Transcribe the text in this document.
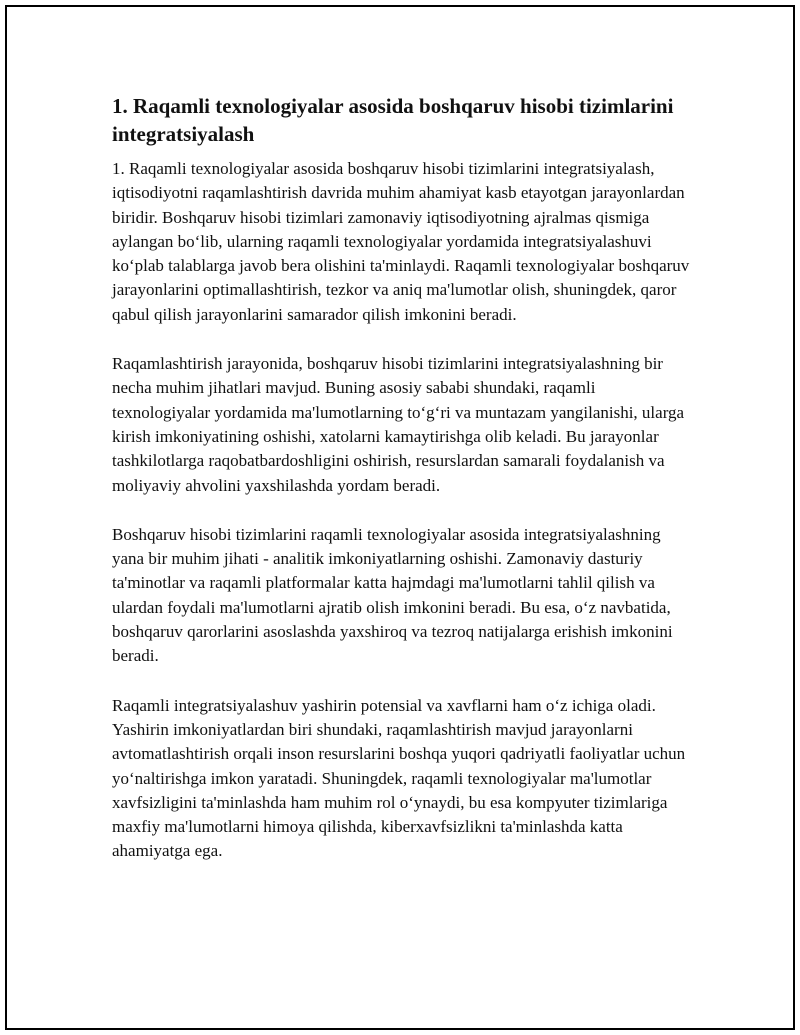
1. Raqamli texnologiyalar asosida boshqaruv hisobi tizimlarini integratsiyalash

1. Raqamli texnologiyalar asosida boshqaruv hisobi tizimlarini integratsiyalash, iqtisodiyotni raqamlashtirish davrida muhim ahamiyat kasb etayotgan jarayonlardan biridir. Boshqaruv hisobi tizimlari zamonaviy iqtisodiyotning ajralmas qismiga aylangan bo‘lib, ularning raqamli texnologiyalar yordamida integratsiyalashuvi ko‘plab talablarga javob bera olishini ta'minlaydi. Raqamli texnologiyalar boshqaruv jarayonlarini optimallashtirish, tezkor va aniq ma'lumotlar olish, shuningdek, qaror qabul qilish jarayonlarini samarador qilish imkonini beradi.

Raqamlashtirish jarayonida, boshqaruv hisobi tizimlarini integratsiyalashning bir necha muhim jihatlari mavjud. Buning asosiy sababi shundaki, raqamli texnologiyalar yordamida ma'lumotlarning to‘g‘ri va muntazam yangilanishi, ularga kirish imkoniyatining oshishi, xatolarni kamaytirishga olib keladi. Bu jarayonlar tashkilotlarga raqobatbardoshligini oshirish, resurslardan samarali foydalanish va moliyaviy ahvolini yaxshilashda yordam beradi.

Boshqaruv hisobi tizimlarini raqamli texnologiyalar asosida integratsiyalashning yana bir muhim jihati - analitik imkoniyatlarning oshishi. Zamonaviy dasturiy ta'minotlar va raqamli platformalar katta hajmdagi ma'lumotlarni tahlil qilish va ulardan foydali ma'lumotlarni ajratib olish imkonini beradi. Bu esa, o‘z navbatida, boshqaruv qarorlarini asoslashda yaxshiroq va tezroq natijalarga erishish imkonini beradi.

Raqamli integratsiyalashuv yashirin potensial va xavflarni ham o‘z ichiga oladi. Yashirin imkoniyatlardan biri shundaki, raqamlashtirish mavjud jarayonlarni avtomatlashtirish orqali inson resurslarini boshqa yuqori qadriyatli faoliyatlar uchun yo‘naltirishga imkon yaratadi. Shuningdek, raqamli texnologiyalar ma'lumotlar xavfsizligini ta'minlashda ham muhim rol o‘ynaydi, bu esa kompyuter tizimlariga maxfiy ma'lumotlarni himoya qilishda, kiberxavfsizlikni ta'minlashda katta ahamiyatga ega.
